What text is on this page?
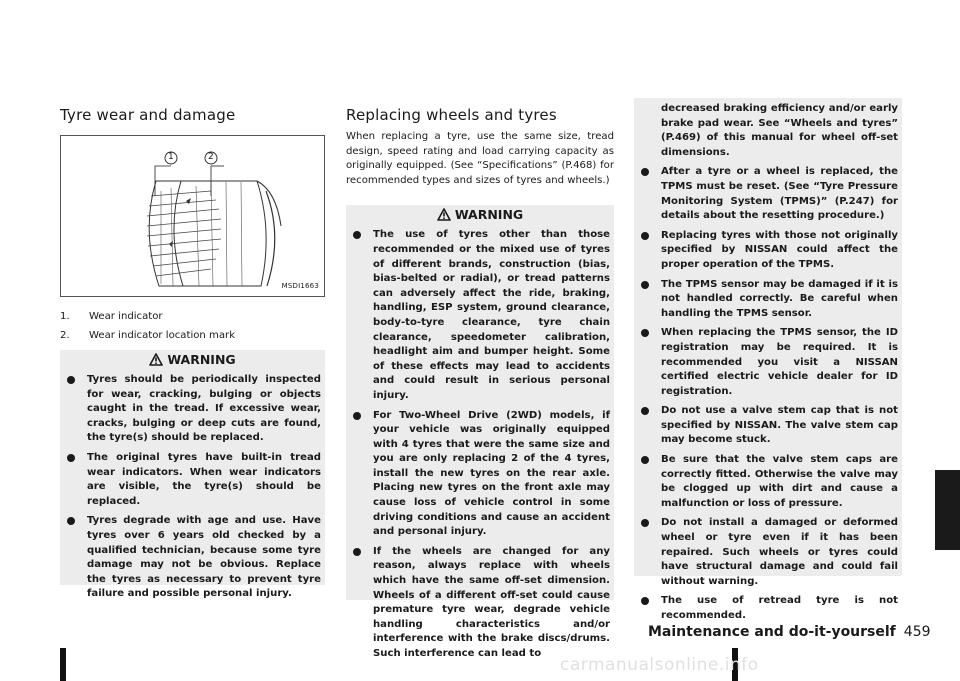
Tyre wear and damage
1	2
MSDI1663
1. Wear indicator
2. Wear indicator location mark
WARNING
Tyres should be periodically inspected for wear, cracking, bulging or objects caught in the tread. If excessive wear, cracks, bulging or deep cuts are found, the tyre(s) should be replaced.
The original tyres have built-in tread wear indicators. When wear indicators are visible, the tyre(s) should be replaced.
Tyres degrade with age and use. Have tyres over 6 years old checked by a qualified technician, because some tyre damage may not be obvious. Replace the tyres as necessary to prevent tyre failure and possible personal injury.
Replacing wheels and tyres

When replacing a tyre, use the same size, tread design, speed rating and load carrying capacity as originally equipped. (See “Specifications” (P.468) for recommended types and sizes of tyres and wheels.)

WARNING
The use of tyres other than those recommended or the mixed use of tyres of different brands, construction (bias, bias-belted or radial), or tread patterns can adversely affect the ride, braking, handling, ESP system, ground clearance, body-to-tyre clearance, tyre chain clearance, speedometer calibration, headlight aim and bumper height. Some of these effects may lead to accidents and could result in serious personal injury.
For Two-Wheel Drive (2WD) models, if your vehicle was originally equipped with 4 tyres that were the same size and you are only replacing 2 of the 4 tyres, install the new tyres on the rear axle. Placing new tyres on the front axle may cause loss of vehicle control in some driving conditions and cause an accident and personal injury.
If the wheels are changed for any reason, always replace with wheels which have the same off-set dimension. Wheels of a different off-set could cause premature tyre wear, degrade vehicle handling characteristics and/or interference with the brake discs/drums. Such interference can lead to
decreased braking efficiency and/or early brake pad wear. See “Wheels and tyres” (P.469) of this manual for wheel off-set dimensions.
After a tyre or a wheel is replaced, the TPMS must be reset. (See “Tyre Pressure Monitoring System (TPMS)” (P.247) for details about the resetting procedure.)
Replacing tyres with those not originally specified by NISSAN could affect the proper operation of the TPMS.
The TPMS sensor may be damaged if it is not handled correctly. Be careful when handling the TPMS sensor.
When replacing the TPMS sensor, the ID registration may be required. It is recommended you visit a NISSAN certified electric vehicle dealer for ID registration.
Do not use a valve stem cap that is not specified by NISSAN. The valve stem cap may become stuck.
Be sure that the valve stem caps are correctly fitted. Otherwise the valve may be clogged up with dirt and cause a malfunction or loss of pressure.
Do not install a damaged or deformed wheel or tyre even if it has been repaired. Such wheels or tyres could have structural damage and could fail without warning.
The use of retread tyre is not recommended.
Maintenance and do-it-yourself 459
carmanualsonline.info
